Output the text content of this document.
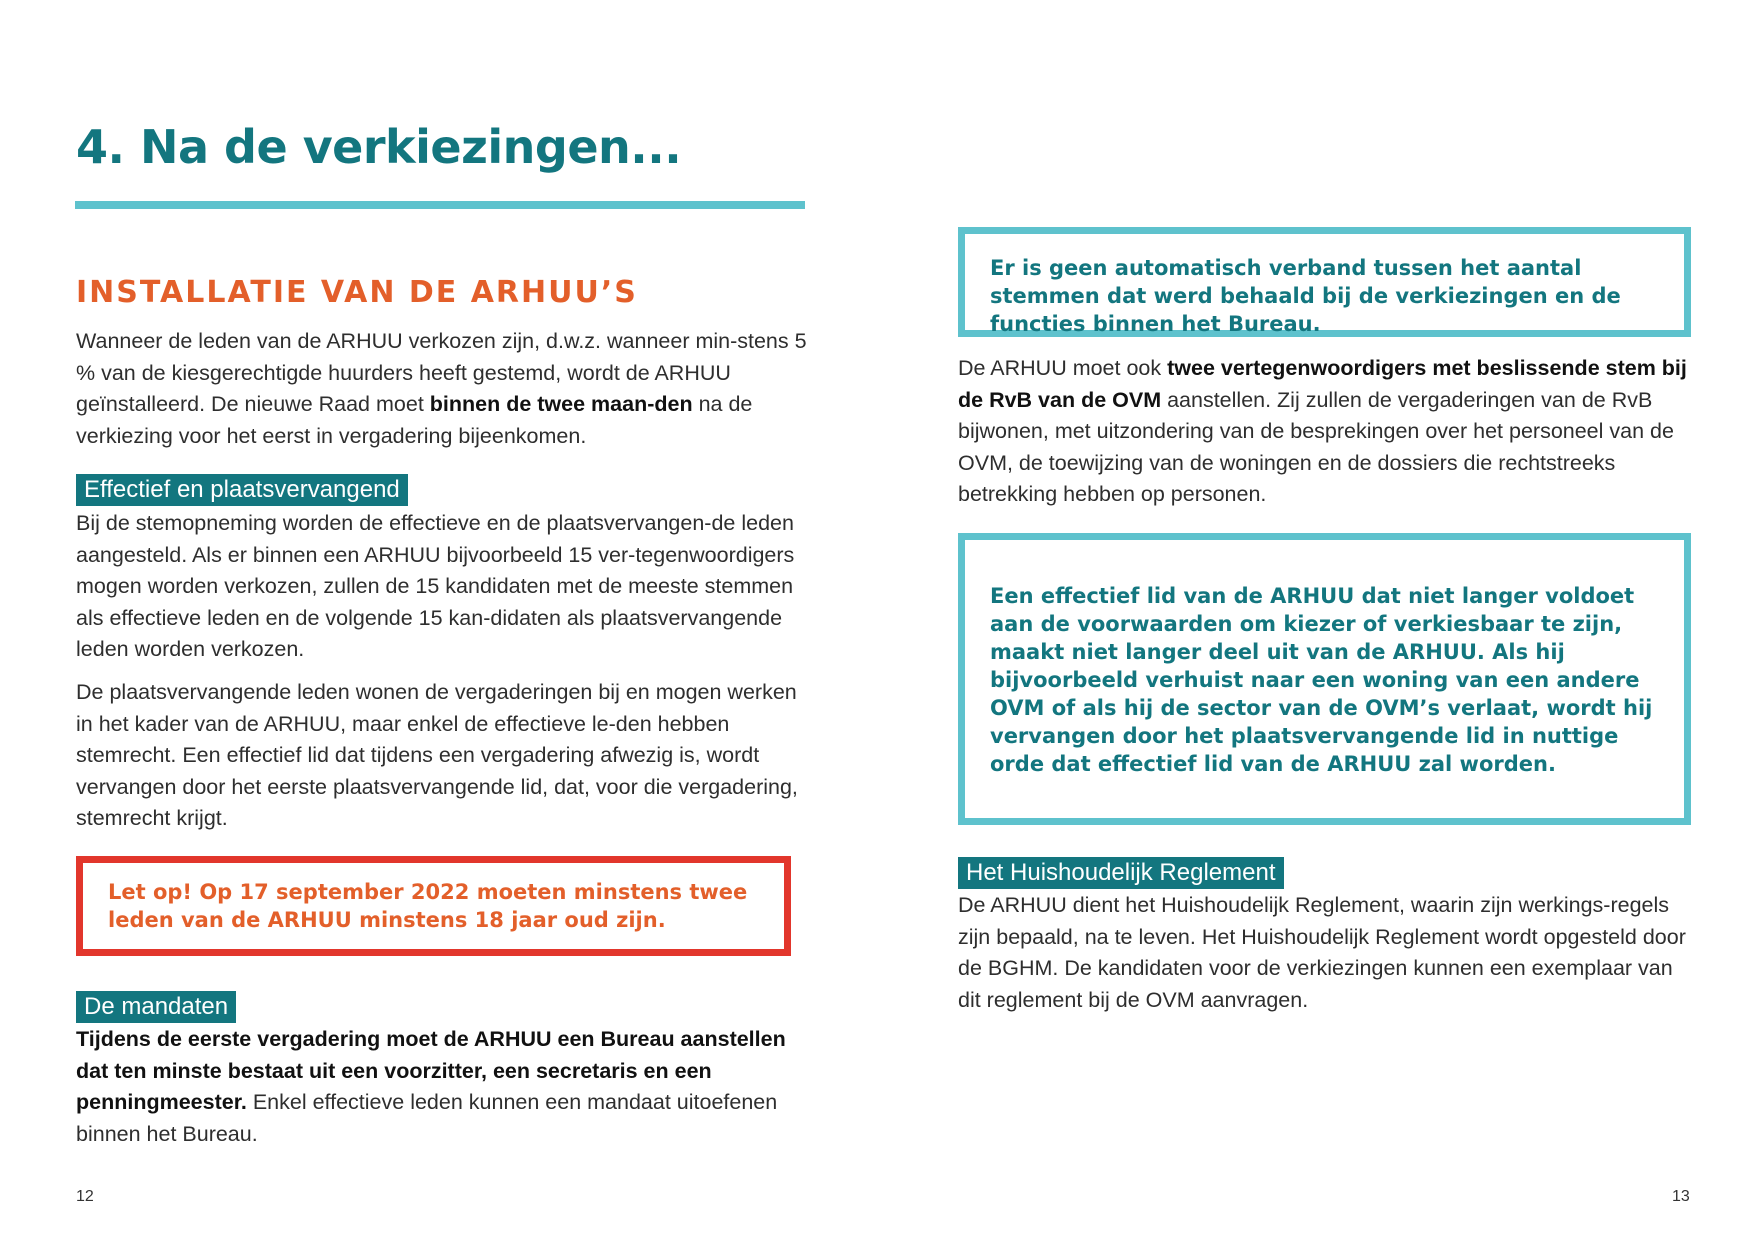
4. Na de verkiezingen...
INSTALLATIE VAN DE ARHUU’S

Wanneer de leden van de ARHUU verkozen zijn, d.w.z. wanneer min-stens 5 % van de kiesgerechtigde huurders heeft gestemd, wordt de ARHUU geïnstalleerd. De nieuwe Raad moet binnen de twee maan-den na de verkiezing voor het eerst in vergadering bijeenkomen.

Effectief en plaatsvervangend

Bij de stemopneming worden de effectieve en de plaatsvervangen-de leden aangesteld. Als er binnen een ARHUU bijvoorbeeld 15 ver-tegenwoordigers mogen worden verkozen, zullen de 15 kandidaten met de meeste stemmen als effectieve leden en de volgende 15 kan-didaten als plaatsvervangende leden worden verkozen.

De plaatsvervangende leden wonen de vergaderingen bij en mogen werken in het kader van de ARHUU, maar enkel de effectieve le-den hebben stemrecht. Een effectief lid dat tijdens een vergadering afwezig is, wordt vervangen door het eerste plaatsvervangende lid, dat, voor die vergadering, stemrecht krijgt.

Let op! Op 17 september 2022 moeten minstens twee leden van de ARHUU minstens 18 jaar oud zijn.

De mandaten

Tijdens de eerste vergadering moet de ARHUU een Bureau aanstellen dat ten minste bestaat uit een voorzitter, een secretaris en een penningmeester. Enkel effectieve leden kunnen een mandaat uitoefenen binnen het Bureau.

12

Er is geen automatisch verband tussen het aantal stemmen dat werd behaald bij de verkiezingen en de functies binnen het Bureau.

De ARHUU moet ook twee vertegenwoordigers met beslissende stem bij de RvB van de OVM aanstellen. Zij zullen de vergaderingen van de RvB bijwonen, met uitzondering van de besprekingen over het personeel van de OVM, de toewijzing van de woningen en de dossiers die rechtstreeks betrekking hebben op personen.

Een effectief lid van de ARHUU dat niet langer voldoet aan de voorwaarden om kiezer of verkiesbaar te zijn, maakt niet langer deel uit van de ARHUU. Als hij bijvoorbeeld verhuist naar een woning van een andere OVM of als hij de sector van de OVM’s verlaat, wordt hij vervangen door het plaatsvervangende lid in nuttige orde dat effectief lid van de ARHUU zal worden.

Het Huishoudelijk Reglement

De ARHUU dient het Huishoudelijk Reglement, waarin zijn werkings-regels zijn bepaald, na te leven. Het Huishoudelijk Reglement wordt opgesteld door de BGHM. De kandidaten voor de verkiezingen kunnen een exemplaar van dit reglement bij de OVM aanvragen.

13
